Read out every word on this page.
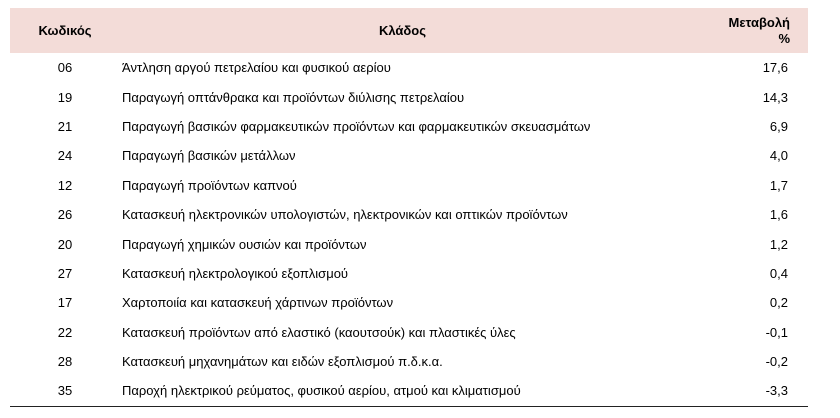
Κωδικός	Κλάδος	Μεταβολή
%
06	Άντληση αργού πετρελαίου και φυσικού αερίου	17,6
19	Παραγωγή οπτάνθρακα και προϊόντων διύλισης πετρελαίου	14,3
21	Παραγωγή βασικών φαρμακευτικών προϊόντων και φαρμακευτικών σκευασμάτων	6,9
24	Παραγωγή βασικών μετάλλων	4,0
12	Παραγωγή προϊόντων καπνού	1,7
26	Κατασκευή ηλεκτρονικών υπολογιστών, ηλεκτρονικών και οπτικών προϊόντων	1,6
20	Παραγωγή χημικών ουσιών και προϊόντων	1,2
27	Κατασκευή ηλεκτρολογικού εξοπλισμού	0,4
17	Χαρτοποιία και κατασκευή χάρτινων προϊόντων	0,2
22	Κατασκευή προϊόντων από ελαστικό (καουτσούκ) και πλαστικές ύλες	-0,1
28	Κατασκευή μηχανημάτων και ειδών εξοπλισμού π.δ.κ.α.	-0,2
35	Παροχή ηλεκτρικού ρεύματος, φυσικού αερίου, ατμού και κλιματισμού	-3,3
